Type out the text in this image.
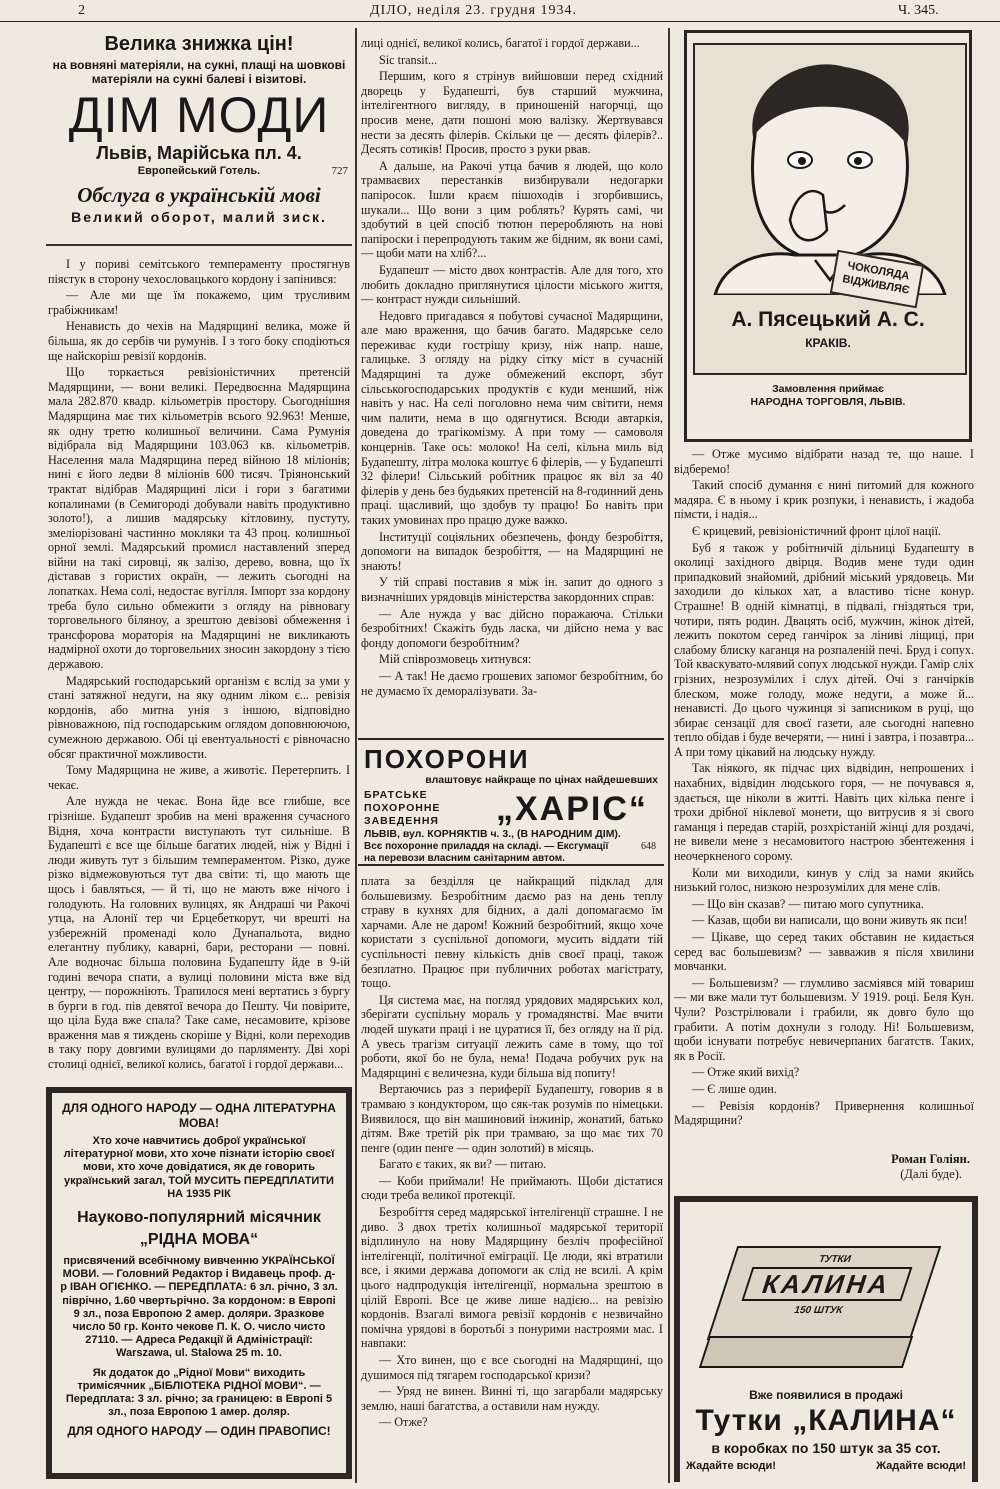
2	ДІЛО, неділя 23. грудня 1934.	Ч. 345.
Велика знижка цін!
на вовняні матеріяли, на сукні, плащі на шовкові матеріяли на сукні балеві і візитові.
ДІМ МОДИ
Львів, Марійська пл. 4.
Европейський Готель.	727
Обслуга в українській мові
Великий оборот, малий зиск.

І у пориві семітського темпераменту простягнув піястук в сторону чехословацького кордону і запінився:

— Але ми ще їм покажемо, цим трусливим грабіжникам!

Ненависть до чехів на Мадярщині велика, може й більша, як до сербів чи румунів. І з того боку сподіються ще найскоріш ревізії кордонів.

Що торкається ревізіоністичних претенсій Мадярщини, — вони великі. Передвоєнна Мадярщина мала 282.870 квадр. кільометрів простору. Сьогоднішня Мадярщина має тих кільометрів всього 92.963! Менше, як одну третю колишньої величини. Сама Румунія відібрала від Мадярщини 103.063 кв. кільометрів. Населення мала Мадярщина перед війною 18 міліонів; нині є його ледви 8 міліонів 600 тисяч. Тріянонський трактат відібрав Мадярщині ліси і гори з багатими копалинами (в Семигороді добували навіть продуктивно золото!), а лишив мадярську кітловину, пустуту, змеліорізовані частинно мокляки та 43 проц. колишньої орної землі. Мадярський промисл наставлений зперед війни на такі сировці, як залізо, дерево, вовна, що їх діставав з гористих окраїн, — лежить сьогодні на лопатках. Нема солі, недостає вугілля. Імпорт зза кордону треба було сильно обмежити з огляду на рівновагу торговельного біляноу, а зрештою девізові обмеження і трансфорова мораторія на Мадярщині не викликають надмірної охоти до торговельних зносин закордону з тією державою.

Мадярський господарський організм є вслід за уми у стані затяжної недуги, на яку одним ліком є... ревізія кордонів, або митна унія з іншою, відповідно рівноважною, під господарським оглядом доповнюючою, сумежною державою. Обі ці евентуальності є рівночасно обсяг практичної можливости.

Тому Мадярщина не живе, а животіє. Перетерпить. І чекає.

Але нужда не чекає. Вона йде все глибше, все грізніше. Будапешт зробив на мені враження сучасного Відня, хоча контрасти виступають тут сильніше. В Будапешті є все ще більше багатих людей, ніж у Відні і люди живуть тут з більшим темпераментом. Різко, дуже різко відмежовуються тут два світи: ті, що мають ще щось і бавляться, — й ті, що не мають вже нічого і голодують. На головних вулицях, як Андраші чи Ракочі утца, на Алонії тер чи Ерцебеткорут, чи врешті на узбережній променаді коло Дунапальота, видно елегантну публику, каварні, бари, ресторани — повні. Але водночас більша половина Будапешту йде в 9-ій годині вечора спати, а вулиці половини міста вже від центру, — порожніють. Трапилося мені вертатись з бургу в бурги в год. пів девятої вечора до Пешту. Чи повірите, що ціла Буда вже спала? Таке саме, несамовите, крізове враження мав я тиждень скоріше у Відні, коли переходив в таку пору довгими вулицями до парляменту. Дві хорі столиці однієї, великої колись, багатої і гордої держави...

ДЛЯ ОДНОГО НАРОДУ — ОДНА ЛІТЕРАТУРНА МОВА!
Хто хоче навчитись доброї української літературної мови, хто хоче пізнати історію своєї мови, хто хоче довідатися, як де говорить український загал, ТОЙ МУСИТЬ ПЕРЕДПЛАТИТИ НА 1935 РІК
Науково-популярний місячник „РІДНА МОВА“
присвячений всебічному вивченню УКРАЇНСЬКОЇ МОВИ. — Головний Редактор і Видавець проф. д-р ІВАН ОГІЄНКО. — ПЕРЕДПЛАТА: 6 зл. річно, 3 зл. піврічно, 1.60 чвертьрічно. За кордоном: в Европі 9 зл., поза Европою 2 амер. доляри. Зразкове число 50 гр. Конто чекове П. К. О. число чисто 27110. — Адреса Редакції й Адміністрації: Warszawa, ul. Stalowa 25 m. 10.
Як додаток до „Рідної Мови“ виходить тримісячник „БІБЛІОТЕКА РІДНОЇ МОВИ“. — Передплата: 3 зл. річно; за границею: в Европі 5 зл., поза Европою 1 амер. доляр.
ДЛЯ ОДНОГО НАРОДУ — ОДИН ПРАВОПИС!

лиці однієї, великої колись, багатої і гордої держави...

Sic transit...

Першим, кого я стрінув вийшовши перед східний дворець у Будапешті, був старший мужчина, інтелігентного вигляду, в приношеній нагорчці, що просив мене, дати пошоні мою валізку. Жертвувався нести за десять філерів. Скільки це — десять філерів?.. Десять сотиків! Просив, просто з руки рвав.

А дальше, на Ракочі утца бачив я людей, що коло трамваєвих перестанків визбирували недогарки папіросок. Ішли краєм пішоходів і згорбившись, шукали... Що вони з цим роблять? Курять самі, чи здобутий в цей спосіб тютюн переробляють на нові папіроски і перепродують таким же бідним, як вони самі, — щоби мати на хліб?...

Будапешт — місто двох контрастів. Але для того, хто любить докладно приглянутися цілости міського життя, — контраст нужди сильніший.

Недовго пригадався я побутові сучасної Мадярщини, але маю враження, що бачив багато. Мадярське село переживає куди гострішу кризу, ніж напр. наше, галицьке. З огляду на рідку сітку міст в сучасній Мадярщині та дуже обмежений експорт, збут сільськогосподарських продуктів є куди менший, ніж навіть у нас. На селі поголовно нема чим світити, немя чим палити, нема в що одягнутися. Всюди автаркія, доведена до трагікомізму. А при тому — самоволя концернів. Таке ось: молоко! На селі, кільна миль від Будапешту, літра молока коштує 6 філерів, — у Будапешті 32 філери! Сільський робітник працює як віл за 40 філерів у день без будьяких претенсій на 8-годинний день праці. щасливий, що здобув ту працю! Бо навіть при таких умовинах про працю дуже важко.

Інституції соціяльних обезпечень, фонду безробіття, допомоги на випадок безробіття, — на Мадярщині не знають!

У тій справі поставив я між ін. запит до одного з визначніших урядовців міністерства закордонних справ:

— Але нужда у вас дійсно поражаюча. Стільки безробітних! Скажіть будь ласка, чи дійсно нема у вас фонду допомоги безробітним?

Мій співрозмовець хитнувся:

— А так! Не даємо грошевих запомог безробітним, бо не думаємо їх деморалізувати. За-

ПОХОРОНИ
влаштовує найкраще по цінах найдешевших
БРАТСЬКЕ ПОХОРОННЕ ЗАВЕДЕННЯ	„ХАРІС“
ЛЬВІВ, вул. КОРНЯКТІВ ч. 3., (В НАРОДНИМ ДІМ).
Всє похоронне приладдя на складі. — Ексгумації на перевози власним санітарним автом.
648

плата за безділля це найкращий підклад для большевизму. Безробітним даємо раз на день теплу страву в кухнях для бідних, а далі допомагаємо їм харчами. Але не даром! Кожний безробітний, якщо хоче користати з суспільної допомоги, мусить віддати тій суспільності певну кількість днів своєї праці, також безплатно. Працює при публичних роботах магістрату, тощо.

Ця система має, на погляд урядових мадярських кол, зберігати суспільну мораль у громадянстві. Має вчити людей шукати праці і не цуратися її, без огляду на її рід. А увесь трагізм ситуації лежить саме в тому, що тої роботи, якої бо не була, нема! Подача робучих рук на Мадярщині є величезна, куди більша від попиту!

Вертаючись раз з периферії Будапешту, говорив я в трамваю з кондуктором, що сяк-так розумів по німецьки. Виявилося, що він машиновий інжинір, жонатий, батько дітям. Вже третій рік при трамваю, за що має тих 70 пенге (один пенге — один золотий) в місяць.

Багато є таких, як ви? — питаю.

— Коби приймали! Не приймають. Щоби дістатися сюди треба великої протекції.

Безробіття серед мадярської інтелігенції страшне. І не диво. З двох третіх колишньої мадярської території відплинуло на нову Мадярщину безліч професійної інтелігенції, політичної еміграції. Це люди, які втратили все, і якими держава допомоги ак слід не всилі. А крім цього надпродукція інтелігенції, нормальна зрештою в цілій Европі. Все це живе лише надією... на ревізію кордонів. Взагалі вимога ревізії кордонів є незвичайно помічна урядові в боротьбі з понурими настроями мас. І навпаки:

— Хто винен, що є все сьогодні на Мадярщині, що душимося під тягарем господарської кризи?

— Уряд не винен. Винні ті, що загарбали мадярську землю, наші багатства, а оставили нам нужду.

— Отже?

ЧОКОЛЯДА ВІДЖИВЛЯЄ
А. Пясецький А. С.
КРАКІВ.
Замовлення приймає
НАРОДНА ТОРГОВЛЯ, ЛЬВІВ.

— Отже мусимо відібрати назад те, що наше. І відберемо!

Такий спосіб думання є нині питомий для кожного мадяра. Є в ньому і крик розпуки, і ненависть, і жадоба пімсти, і надія...

Є крицевий, ревізіоністичний фронт цілої нації.

Буб я також у робітничій дільниці Будапешту в околиці західного двірця. Водив мене туди один припадковий знайомий, дрібний міський урядовець. Ми заходили до кількох хат, а властиво тісне конур. Страшне! В одній кімнатці, в підвалі, гніздяться три, чотири, пять родин. Двацять осіб, мужчин, жінок дітей, лежить покотом серед ганчірок за ліниві ліщиці, при слабому блиску каганця на розпаленій печі. Бруд і сопух. Той кваскувато-млявий сопух людської нужди. Гамір сліх грізних, незрозумілих і слух дітей. Очі з ганчірків блеском, може голоду, може недуги, а може й... ненависті. До цього чужинця зі записником в руці, що збирає сензації для своєї газети, але сьогодні напевно тепло обідав і буде вечеряти, — нині і завтра, і позавтра... А при тому цікавий на людську нужду.

Так ніякого, як підчас цих відвідин, непрошених і нахабних, відвідин людського горя, — не почувався я, здається, ще ніколи в житті. Навіть цих кілька пенге і трохи дрібної ніклевої монети, що витрусив я зі свого гаманця і передав старій, розхрістаній жінці для роздачі, не вивели мене з несамовитого настрою збентеження і неочеркненого сорому.

Коли ми виходили, кинув у слід за нами якийсь низький голос, низкою незрозумілих для мене слів.

— Що він сказав? — питаю мого супутника.

— Казав, щоби ви написали, що вони живуть як пси!

— Цікаве, що серед таких обставин не кидається серед вас большевизм? — завважив я після хвилини мовчанки.

— Большевизм? — глумливо засміявся мій товариш — ми вже мали тут большевизм. У 1919. році. Беля Кун. Чули? Розстрілювали і грабили, як довго було що грабити. А потім дохнули з голоду. Ні! Большевизм, щоби існувати потребує невичерпаних багатств. Таких, як в Росії.

— Отже який вихід?

— Є лише один.

— Ревізія кордонів? Привернення колишньої Мадярщини?

Роман Голіян.
(Далі буде).
ТУТКИ
КАЛИНА
150 ШТУК
Вже появилися в продажі
Тутки „КАЛИНА“
в коробках по 150 штук за 35 сот.
Жадайте всюди!	Жадайте всюди!
